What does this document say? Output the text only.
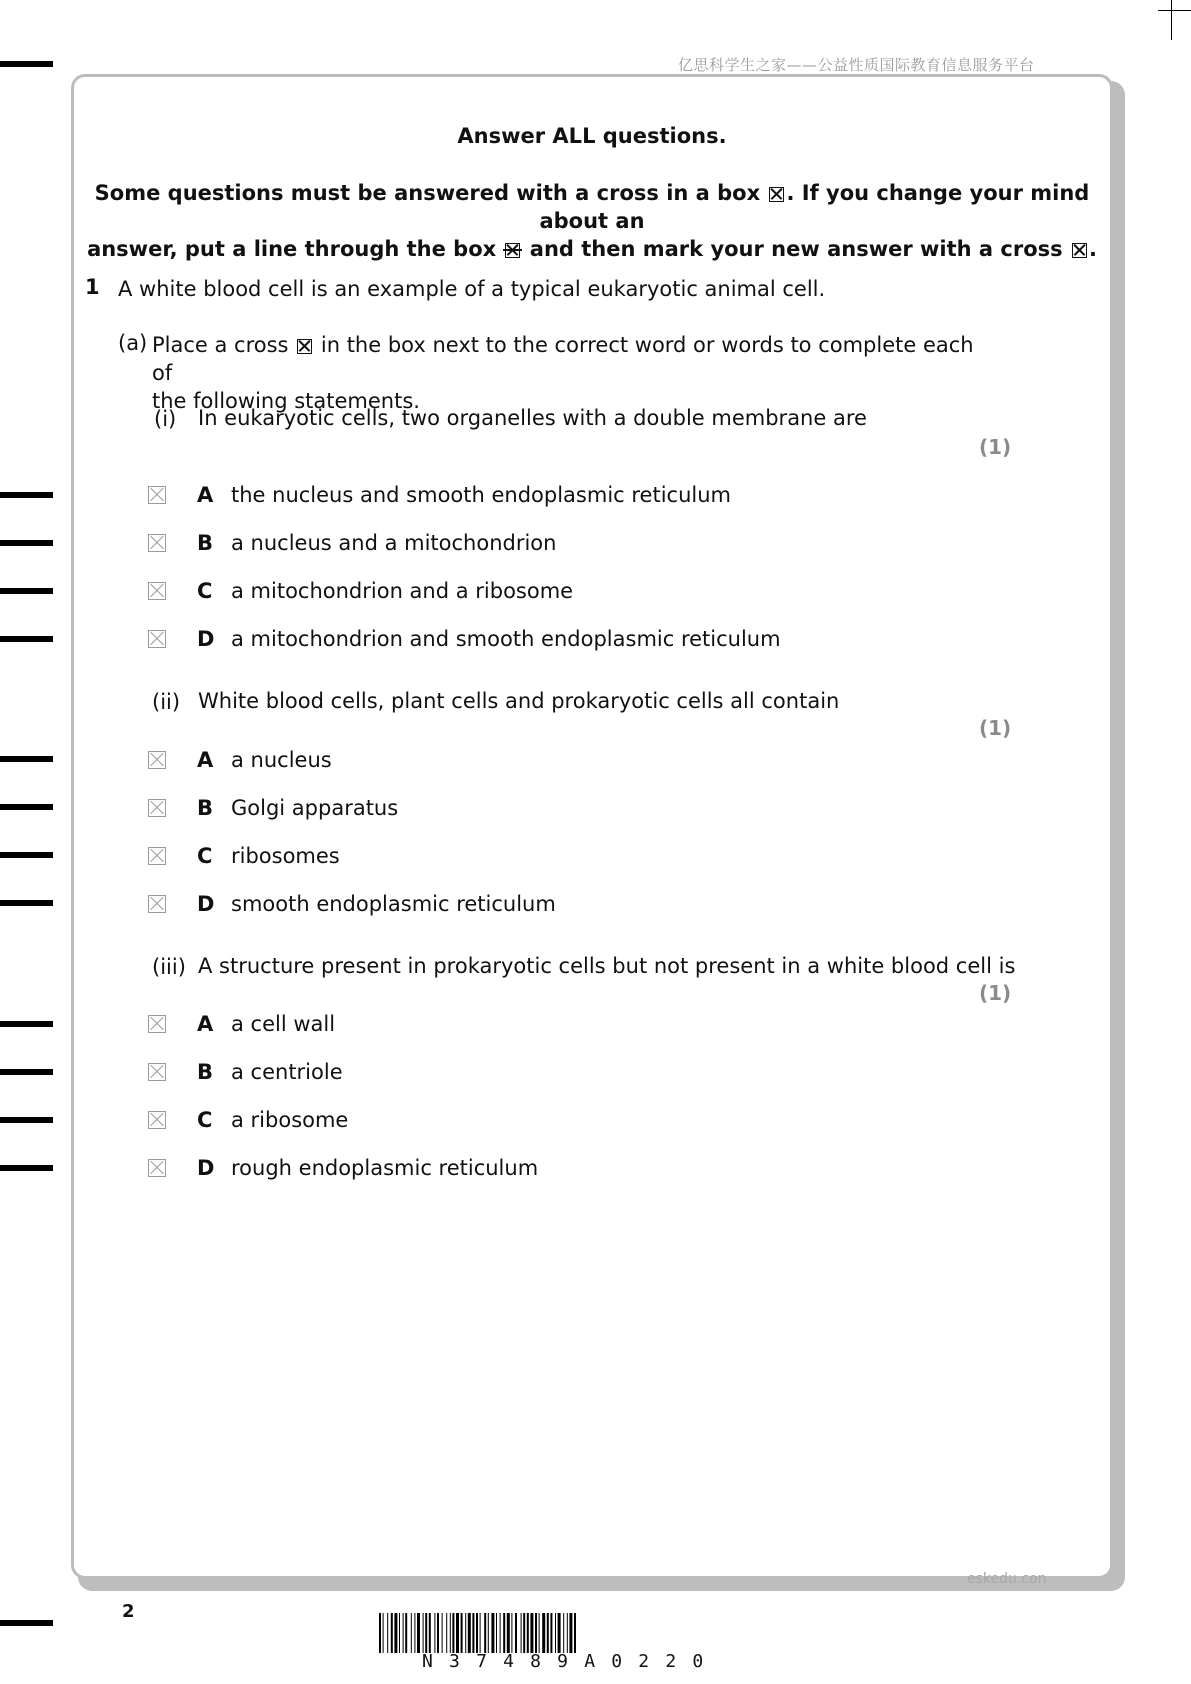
亿思科学生之家——公益性质国际教育信息服务平台
Answer ALL questions.
Some questions must be answered with a cross in a box ☒ . If you change your mind about an
answer, put a line through the box and then mark your new answer with a cross ☒ .
1 A white blood cell is an example of a typical eukaryotic animal cell.
(a) Place a cross ☒ in the box next to the correct word or words to complete each of
the following statements.
(i) In eukaryotic cells, two organelles with a double membrane are
(1)
A the nucleus and smooth endoplasmic reticulum
B a nucleus and a mitochondrion
C a mitochondrion and a ribosome
D a mitochondrion and smooth endoplasmic reticulum
(ii) White blood cells, plant cells and prokaryotic cells all contain
(1)
A a nucleus
B Golgi apparatus
C ribosomes
D smooth endoplasmic reticulum
(iii) A structure present in prokaryotic cells but not present in a white blood cell is
(1)
A a cell wall
B a centriole
C a ribosome
D rough endoplasmic reticulum
eskedu.con
2
N37489A0220
